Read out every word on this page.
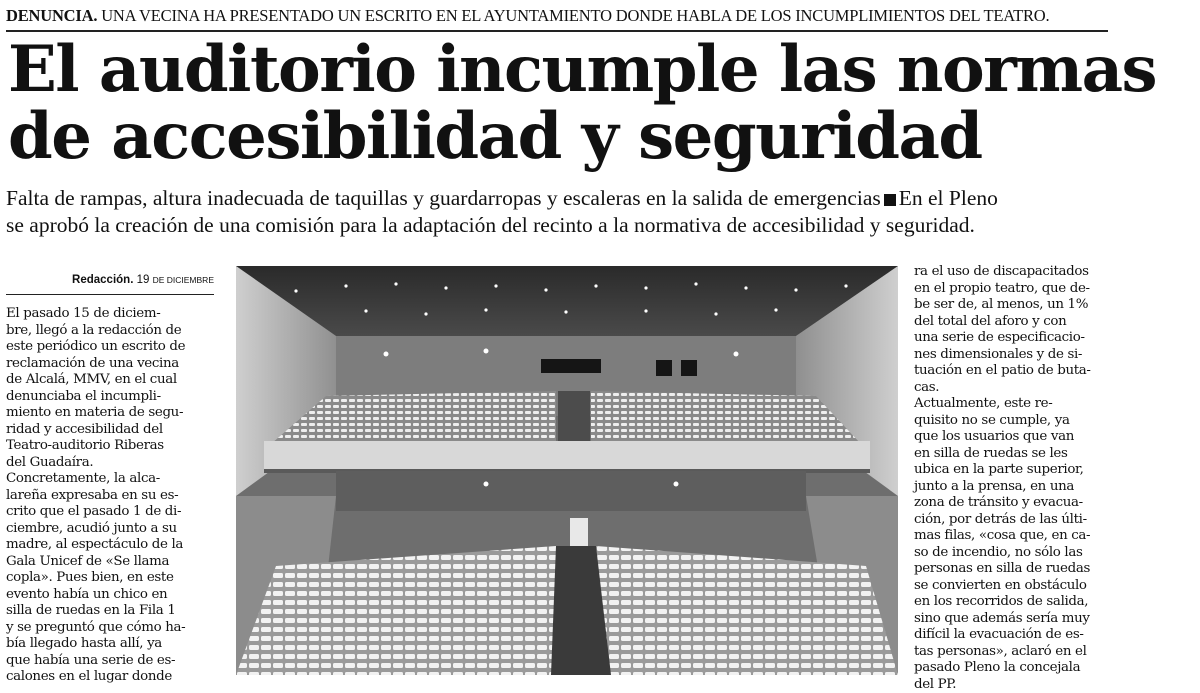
DENUNCIA. UNA VECINA HA PRESENTADO UN ESCRITO EN EL AYUNTAMIENTO DONDE HABLA DE LOS INCUMPLIMIENTOS DEL TEATRO.
El auditorio incumple las normas
de accesibilidad y seguridad
Falta de rampas, altura inadecuada de taquillas y guardarropas y escaleras en la salida de emergencias En el Pleno
se aprobó la creación de una comisión para la adaptación del recinto a la normativa de accesibilidad y seguridad.
Redacción. 19 DE DICIEMBRE
El pasado 15 de diciem-
bre, llegó a la redacción de
este periódico un escrito de
reclamación de una vecina
de Alcalá, MMV, en el cual
denunciaba el incumpli-
miento en materia de segu-
ridad y accesibilidad del
Teatro-auditorio Riberas
del Guadaíra.
Concretamente, la alca-
lareña expresaba en su es-
crito que el pasado 1 de di-
ciembre, acudió junto a su
madre, al espectáculo de la
Gala Unicef de «Se llama
copla». Pues bien, en este
evento había un chico en
silla de ruedas en la Fila 1
y se preguntó que cómo ha-
bía llegado hasta allí, ya
que había una serie de es-
calones en el lugar donde
ra el uso de discapacitados
en el propio teatro, que de-
be ser de, al menos, un 1%
del total del aforo y con
una serie de especificacio-
nes dimensionales y de si-
tuación en el patio de buta-
cas.
Actualmente, este re-
quisito no se cumple, ya
que los usuarios que van
en silla de ruedas se les
ubica en la parte superior,
junto a la prensa, en una
zona de tránsito y evacua-
ción, por detrás de las últi-
mas filas, «cosa que, en ca-
so de incendio, no sólo las
personas en silla de ruedas
se convierten en obstáculo
en los recorridos de salida,
sino que además sería muy
difícil la evacuación de es-
tas personas», aclaró en el
pasado Pleno la concejala
del PP.
